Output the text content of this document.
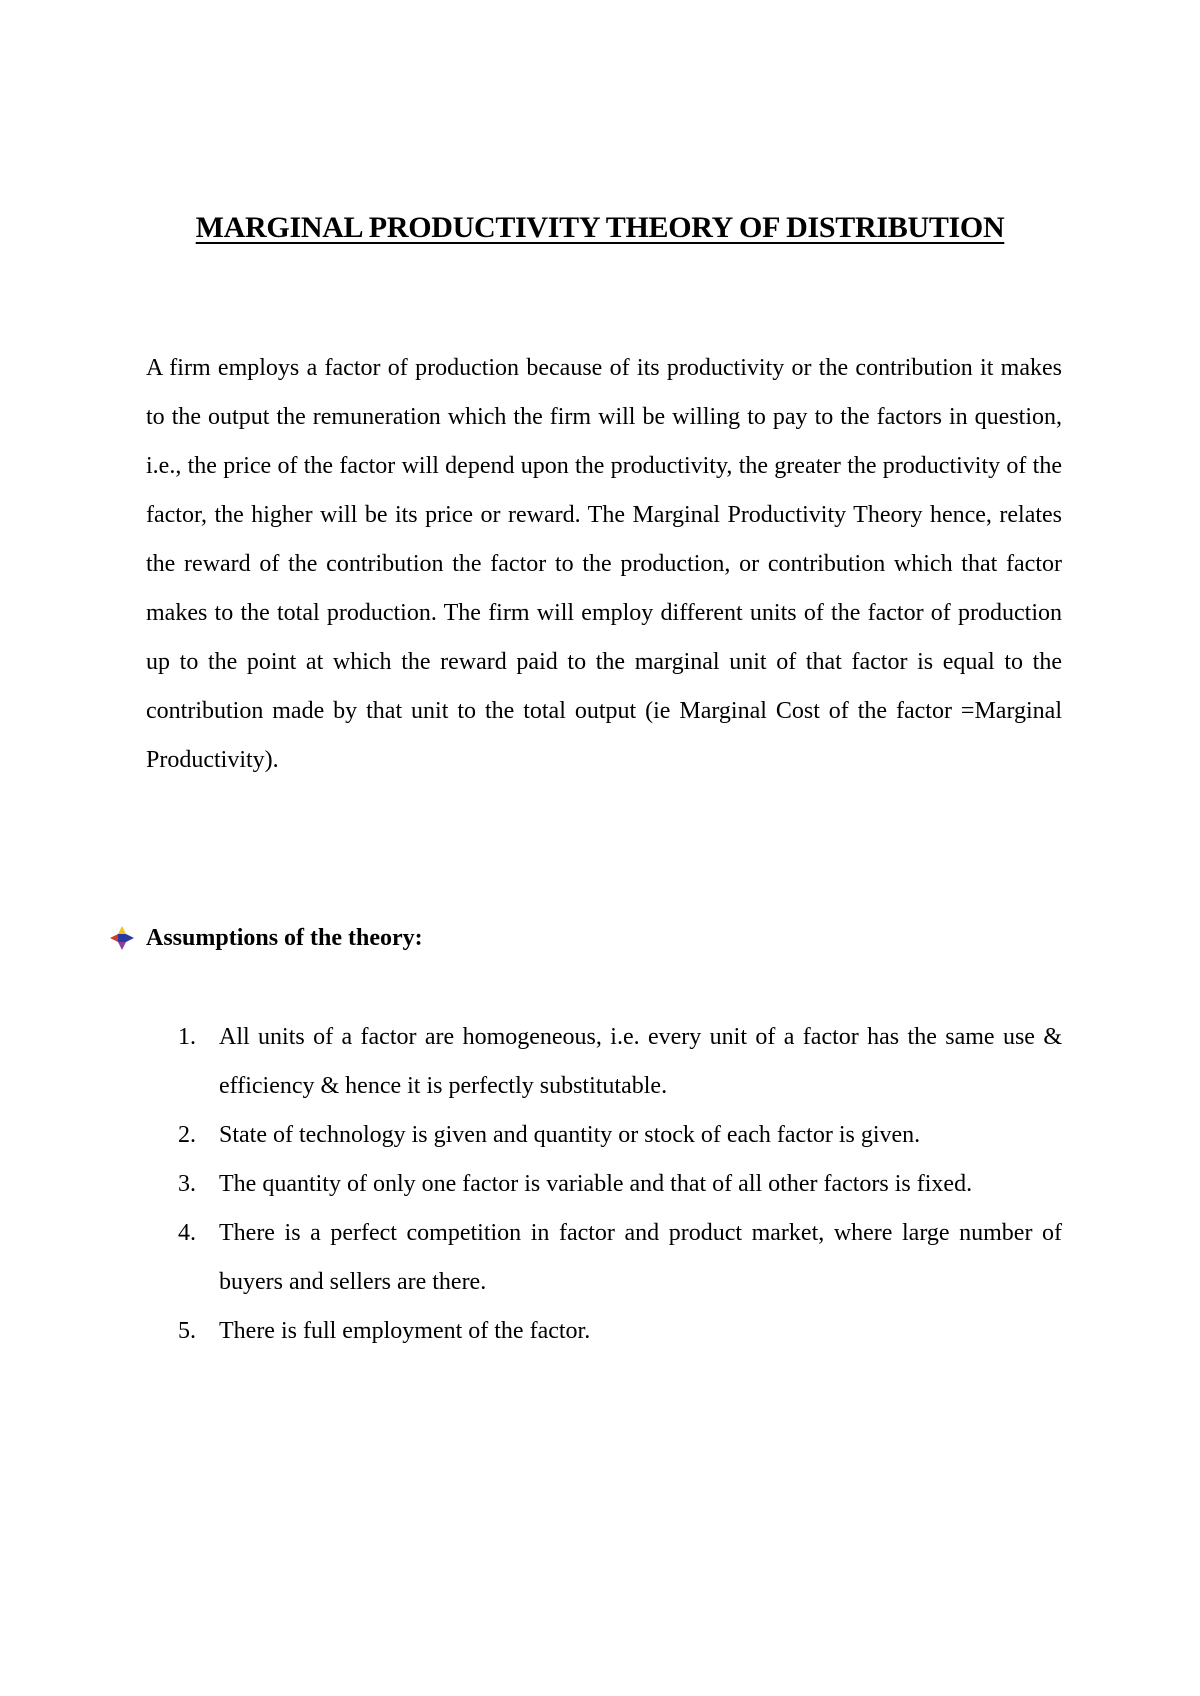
MARGINAL PRODUCTIVITY THEORY OF DISTRIBUTION

A firm employs a factor of production because of its productivity or the contribution it makes to the output the remuneration which the firm will be willing to pay to the factors in question, i.e., the price of the factor will depend upon the productivity, the greater the productivity of the factor, the higher will be its price or reward. The Marginal Productivity Theory hence, relates the reward of the contribution the factor to the production, or contribution which that factor makes to the total production. The firm will employ different units of the factor of production up to the point at which the reward paid to the marginal unit of that factor is equal to the contribution made by that unit to the total output (ie Marginal Cost of the factor =Marginal Productivity).

Assumptions of the theory:
1. All units of a factor are homogeneous, i.e. every unit of a factor has the same use & efficiency & hence it is perfectly substitutable.
2. State of technology is given and quantity or stock of each factor is given.
3. The quantity of only one factor is variable and that of all other factors is fixed.
4. There is a perfect competition in factor and product market, where large number of buyers and sellers are there.
5. There is full employment of the factor.
